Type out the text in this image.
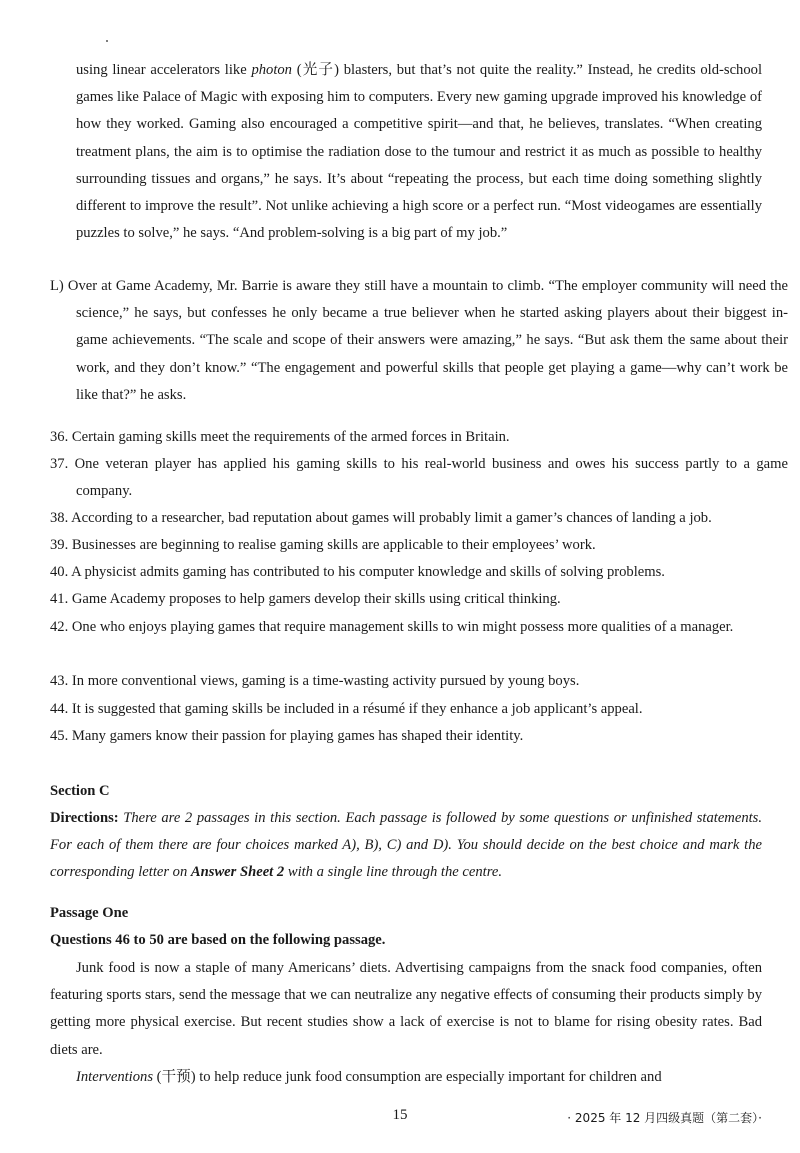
using linear accelerators like photon (光子) blasters, but that’s not quite the reality.” Instead, he credits old-school games like Palace of Magic with exposing him to computers. Every new gaming upgrade improved his knowledge of how they worked. Gaming also encouraged a competitive spirit—and that, he believes, translates. “When creating treatment plans, the aim is to optimise the radiation dose to the tumour and restrict it as much as possible to healthy surrounding tissues and organs,” he says. It’s about “repeating the process, but each time doing something slightly different to improve the result”. Not unlike achieving a high score or a perfect run. “Most videogames are essentially puzzles to solve,” he says. “And problem-solving is a big part of my job.”

L) Over at Game Academy, Mr. Barrie is aware they still have a mountain to climb. “The employer community will need the science,” he says, but confesses he only became a true believer when he started asking players about their biggest in-game achievements. “The scale and scope of their answers were amazing,” he says. “But ask them the same about their work, and they don’t know.” “The engagement and powerful skills that people get playing a game—why can’t work be like that?” he asks.

36. Certain gaming skills meet the requirements of the armed forces in Britain.

37. One veteran player has applied his gaming skills to his real-world business and owes his success partly to a game company.

38. According to a researcher, bad reputation about games will probably limit a gamer’s chances of landing a job.

39. Businesses are beginning to realise gaming skills are applicable to their employees’ work.

40. A physicist admits gaming has contributed to his computer knowledge and skills of solving problems.

41. Game Academy proposes to help gamers develop their skills using critical thinking.

42. One who enjoys playing games that require management skills to win might possess more qualities of a manager.

43. In more conventional views, gaming is a time-wasting activity pursued by young boys.

44. It is suggested that gaming skills be included in a résumé if they enhance a job applicant’s appeal.

45. Many gamers know their passion for playing games has shaped their identity.

Section C

Directions: There are 2 passages in this section. Each passage is followed by some questions or unfinished statements. For each of them there are four choices marked A), B), C) and D). You should decide on the best choice and mark the corresponding letter on Answer Sheet 2 with a single line through the centre.

Passage One

Questions 46 to 50 are based on the following passage.

Junk food is now a staple of many Americans’ diets. Advertising campaigns from the snack food companies, often featuring sports stars, send the message that we can neutralize any negative effects of consuming their products simply by getting more physical exercise. But recent studies show a lack of exercise is not to blame for rising obesity rates. Bad diets are.

Interventions (干预) to help reduce junk food consumption are especially important for children and

15	· 2025 年 12 月四级真题（第二套）·
